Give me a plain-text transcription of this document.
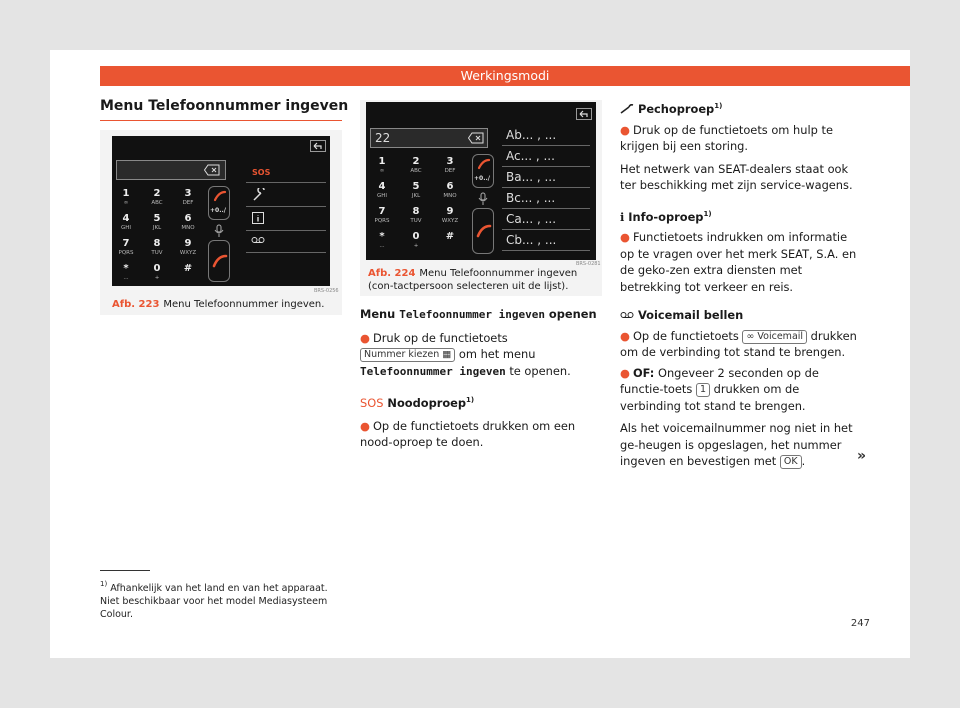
Werkingsmodi
Menu Telefoonnummer ingeven
1
∞
2
ABC
3
DEF
4
GHI
5
JKL
6
MNO
7
PQRS
8
TUV
9
WXYZ
*
...
0
+
#
+0../
SOS
BRS-0256
Afb. 223 Menu Telefoonnummer ingeven.
22
1
∞
2
ABC
3
DEF
4
GHI
5
JKL
6
MNO
7
PQRS
8
TUV
9
WXYZ
*
...
0
+
#
+0../
Ab... , ...
Ac... , ...
Ba... , ...
Bc... , ...
Ca... , ...
Cb... , ...
BRS-0281
Afb. 224 Menu Telefoonnummer ingeven (con-tactpersoon selecteren uit de lijst).
Menu Telefoonnummer ingeven openen
● Druk op de functietoets Nummer kiezen ▦ om het menu Telefoonnummer ingeven te openen.
SOS Noodoproep$^{1)}$
● Op de functietoets drukken om een nood-oproep te doen.
Pechoproep$^{1)}$
● Druk op de functietoets om hulp te krijgen bij een storing.
Het netwerk van SEAT-dealers staat ook ter beschikking met zijn service-wagens.
ℹ Info-oproep$^{1)}$
● Functietoets indrukken om informatie op te vragen over het merk SEAT, S.A. en de geko-zen extra diensten met betrekking tot verkeer en reis.
Voicemail bellen
● Op de functietoets ∞ Voicemail drukken om de verbinding tot stand te brengen.
● OF: Ongeveer 2 seconden op de functie-toets 1 drukken om de verbinding tot stand te brengen.
Als het voicemailnummer nog niet in het ge-heugen is opgeslagen, het nummer ingeven en bevestigen met OK .	»
$^{1)}$ Afhankelijk van het land en van het apparaat. Niet beschikbaar voor het model Mediasysteem Colour.
247
